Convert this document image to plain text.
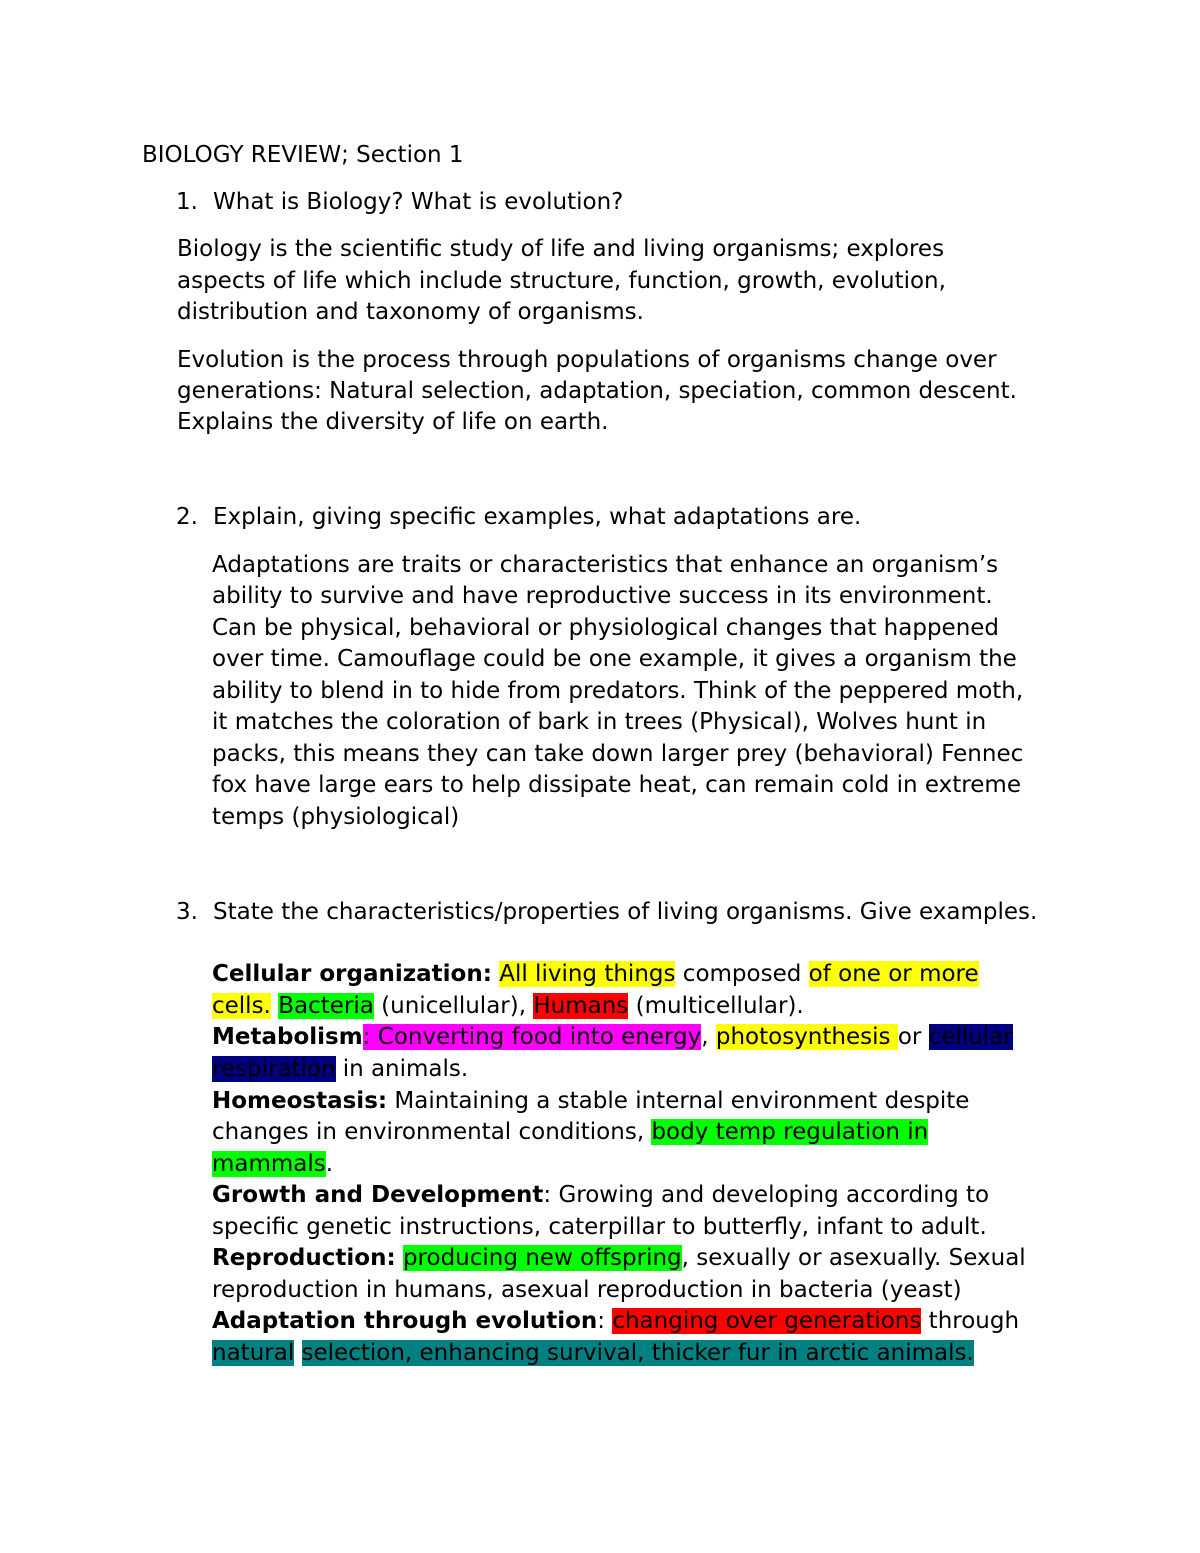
BIOLOGY REVIEW; Section 1
1. What is Biology? What is evolution?
Biology is the scientific study of life and living organisms; explores
aspects of life which include structure, function, growth, evolution,
distribution and taxonomy of organisms.
Evolution is the process through populations of organisms change over
generations: Natural selection, adaptation, speciation, common descent.
Explains the diversity of life on earth.
2. Explain, giving specific examples, what adaptations are.
Adaptations are traits or characteristics that enhance an organism’s
ability to survive and have reproductive success in its environment.
Can be physical, behavioral or physiological changes that happened
over time. Camouflage could be one example, it gives a organism the
ability to blend in to hide from predators. Think of the peppered moth,
it matches the coloration of bark in trees (Physical), Wolves hunt in
packs, this means they can take down larger prey (behavioral) Fennec
fox have large ears to help dissipate heat, can remain cold in extreme
temps (physiological)
3. State the characteristics/properties of living organisms. Give examples.
Cellular organization: All living things composed of one or more
cells. Bacteria (unicellular), Humans (multicellular).
Metabolism: Converting food into energy, photosynthesis or cellular
respiration in animals.
Homeostasis: Maintaining a stable internal environment despite
changes in environmental conditions, body temp regulation in
mammals.
Growth and Development: Growing and developing according to
specific genetic instructions, caterpillar to butterfly, infant to adult.
Reproduction: producing new offspring, sexually or asexually. Sexual
reproduction in humans, asexual reproduction in bacteria (yeast)
Adaptation through evolution: changing over generations through
natural selection, enhancing survival, thicker fur in arctic animals.
